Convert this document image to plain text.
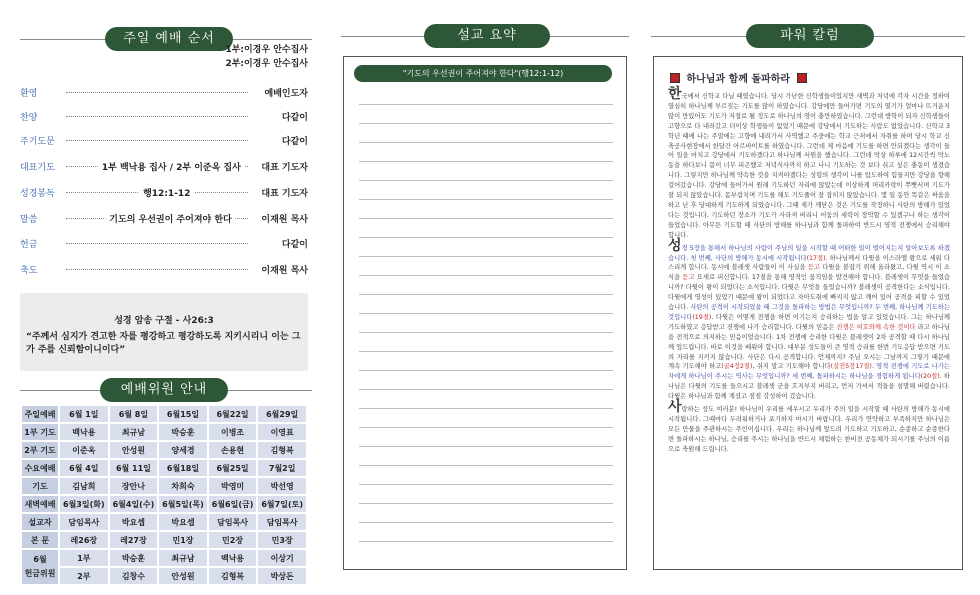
주일 예배 순서
1부:이경우 안수집사
2부:이경우 안수집사
환영	예배인도자
찬양	다같이
주기도문	다같이
대표기도	1부 백낙용 집사 / 2부 이준옥 집사	대표 기도자
성경봉독	행12:1-12	대표 기도자
말씀	기도의 우선권이 주어져야 한다	이재원 목사
헌금	다같이
축도	이재원 목사
성경 암송 구절 - 사26:3
“주께서 심지가 견고한 자를 평강하고 평강하도록 지키시리니 이는 그가 주를 신뢰함이니이다”
예배위원 안내
주일예배	6월 1일	6월 8일	6월15일	6월22일	6월29일
1부 기도	백낙용	최규남	박승훈	이병조	이영표
2부 기도	이준옥	안성원	양세경	손용현	김형복
수요예배	6월 4일	6월 11일	6월18일	6월25일	7월2일
기도	김남희	장안나	차희숙	박영미	박선영
새벽예배	6월3일(화)	6월4일(수)	6월5일(목)	6월6일(금)	6월7일(토)
설교자	담임목사	박요셉	박요셉	담임목사	담임목사
본 문	레26장	레27장	민1장	민2장	민3장
6월
헌금위원	1부	박승훈	최규남	백낙용	이상기
	2부	김창수	안성원	김형복	박상돈
설교 요약
"기도의 우선권이 주어져야 한다"(행12:1-12)
파워 칼럼
하나님과 함께 돌파하라

한국에서 신학교 다닐 때였습니다. 당시 가난한 신학생들이었지만 새벽과 저녁에 각자 시간을 정하여 열심히 하나님께 부르짖는 기도를 많이 하였습니다. 강당에만 들어가면 기도의 열기가 얼마나 뜨거운지 많이 만있어도 기도가 저절로 될 정도로 하나님의 영이 충만하였습니다. 그런데 방학이 되자 신학생들이 고향으로 다 내려갔고 더이상 학생들이 없었기 때문에 강당에서 기도하는 사람도 없었습니다. 신학교 3학년 때에 나는 주말에는 고향에 내려가서 사역했고 주중에는 학교 근처에서 자취를 하며 당시 학교 신축공사현장에서 한달간 아르바이트를 하였습니다. 그런데 제 마음에 기도를 하면 안되겠다는 생각이 들어 일을 마치고 강당에서 기도하겠다고 하나님께 서원을 했습니다. 그런데 막상 하루에 12시간씩 막노동을 하다보니 몸이 너무 피곤했고 저녁식사까지 하고 나니 기도하는 것 보다 쉬고 싶은 충동이 생겼습니다. 그렇지만 하나님께 약속한 것을 지켜야겠다는 성령의 생각이 나를 압도하여 힘들지만 강당을 향해 걸어갔습니다. 강당에 들어가서 원래 기도하던 자리에 앉았는데 이상하게 머리카락이 쭈뼛서며 기도가 잘 되지 않았습니다. 몸부림치며 기도를 해도 기도줄이 잘 잡히지 않았습니다. 몇 일 동안 똑같은 싸움을 하고 난 후 당대하게 기도하게 되었습니다. 그때 제가 깨닫은 것은 기도를 작정하니 사탄의 방해가 있었다는 것입니다. 기도하던 장소가 기도가 사라져 버리니 어둠의 세력이 장악할 수 있겠구나 하는 생각이 들었습니다. 아무튼 기도할 때 사단의 방해를 하나님과 함께 돌파하여 반드시 영적 전쟁에서 승리해야 합니다.

성경 5장을 통해서 하나님의 사람이 주님의 일을 시작할 때 어떠한 일이 벌어지는지 알아보도록 하겠습니다. 첫 번째, 사단의 방해가 동시에 시작됩니다(17절). 하나님께서 다윗을 이스라엘 왕으로 세워 다스리게 합니다. 동시에 블레셋 사람들이 이 사실을 듣고 다윗을 붙잡기 위해 올라왔고, 다윗 역시 이 소식을 듣고 요새로 피신합니다. 17절을 통해 영적인 움직임을 발견해야 합니다. 블레셋이 무엇을 들었습니까? 다윗이 왕이 되었다는 소식입니다. 다윗은 무엇을 들었습니까? 블레셋이 공격한다는 소식입니다. 다윗에게 영성이 있었기 때문에 왕이 되었다고 자아도취에 빠지지 않고 깨어 있어 공격을 피할 수 있었습니다. 사탄의 공격이 시작되었을 때 그것을 돌파하는 방법은 무엇입니까? 두 번째, 하나님께 기도하는 것입니다(19절). 다윗은 어떻게 전쟁을 하면 이기는지 승리하는 법을 알고 있었습니다. 그는 하나님께 기도하였고 응답받고 전쟁에 나가 승리합니다. 다윗의 믿음은 전쟁은 여호와께 속한 것이다 라고 하나님을 전적으로 의지하는 믿음이었습니다. 1차 전쟁에 승리한 다윗은 블레셋이 2차 공격할 때 다시 하나님께 엎드립니다. 바로 이것을 배워야 합니다. 대부분 성도들이 큰 영적 승리를 한번 기도응답 받으면 기도의 자리를 지키지 않습니다. 사단은 다시 공격합니다. 언제까지? 주님 오시는 그날까지 그렇기 때문에 계속 기도해야 하고(골4장2절), 쉬지 말고 기도해야 합니다(살전5장17절). 영적 전쟁에 기도로 나가는 자에게 하나님이 주시는 역사는 무엇입니까? 세 번째, 돌파하시는 하나님을 경험하게 됩니다(20절). 하나님은 다윗의 기도를 들으시고 블레셋 군을 흐지부지 버리고, 먼저 가셔서 적들을 섬멸해 버렸습니다. 다윗은 하나님과 함께 계셨고 점점 강성하여 갔습니다.

사랑하는 성도 여러분! 하나님이 우리를 세우시고 우리가 주의 일을 시작할 때 사탄의 방해가 동시에 시작됩니다. 그때마다 두려워하거나 포기하지 마시기 바랍니다. 우리가 연약하고 부족하지만 하나님은 모든 만물을 주관하시는 주인이십니다. 우리는 하나님께 엎드려 기도하고 기도하고, 순종하고 순종한다면 돌파하시는 하나님, 승리를 주시는 하나님을 반드시 체험하는 한비전 공동체가 되시기를 주님의 이름으로 축원해 드립니다.
